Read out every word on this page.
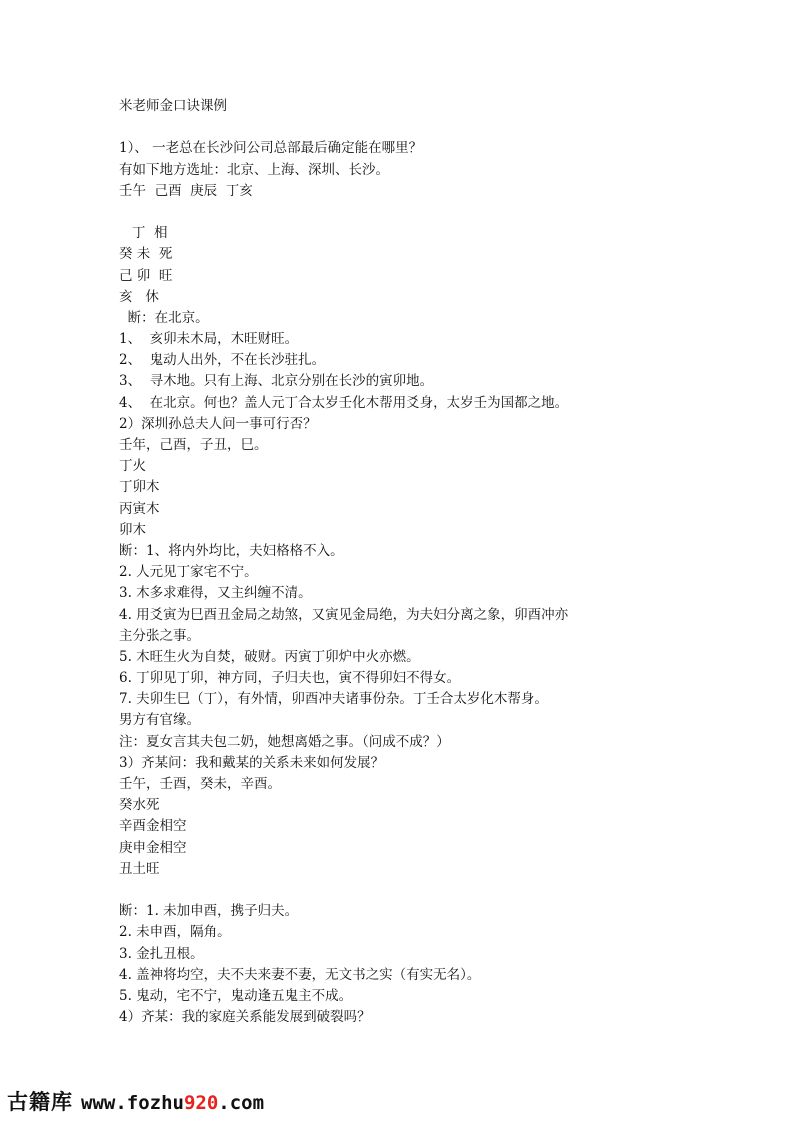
米老师金口诀课例
1）、 一老总在长沙问公司总部最后确定能在哪里？
有如下地方选址：北京、上海、深圳、长沙。
壬午  己酉  庚辰  丁亥
丁  相
癸 未  死
己 卯  旺
亥   休
断：在北京。
1、  亥卯未木局，木旺财旺。
2、  鬼动人出外，不在长沙驻扎。
3、  寻木地。只有上海、北京分别在长沙的寅卯地。
4、  在北京。何也？盖人元丁合太岁壬化木帮用爻身，太岁壬为国都之地。
2）深圳孙总夫人问一事可行否？
壬年，己酉，子丑，巳。
丁火
丁卯木
丙寅木
卯木
断：1、将内外均比，夫妇格格不入。
2. 人元见丁家宅不宁。
3. 木多求难得，又主纠缠不清。
4. 用爻寅为巳酉丑金局之劫煞，又寅见金局绝，为夫妇分离之象，卯酉冲亦
主分张之事。
5. 木旺生火为自焚，破财。丙寅丁卯炉中火亦燃。
6. 丁卯见丁卯，神方同，子归夫也，寅不得卯妇不得女。
7. 夫卯生巳（丁），有外情，卯酉冲夫诸事份杂。丁壬合太岁化木帮身。
男方有官缘。
注：夏女言其夫包二奶，她想离婚之事。（问成不成？）
3）齐某问：我和戴某的关系未来如何发展？
壬午，壬酉，癸未，辛酉。
癸水死
辛酉金相空
庚申金相空
丑土旺
断：1. 未加申酉，携子归夫。
2. 未申酉，隔角。
3. 金扎丑根。
4. 盖神将均空，夫不夫来妻不妻，无文书之实（有实无名）。
5. 鬼动，宅不宁，鬼动逢五鬼主不成。
4）齐某：我的家庭关系能发展到破裂吗？
古籍库 www.fozhu 920 .com
